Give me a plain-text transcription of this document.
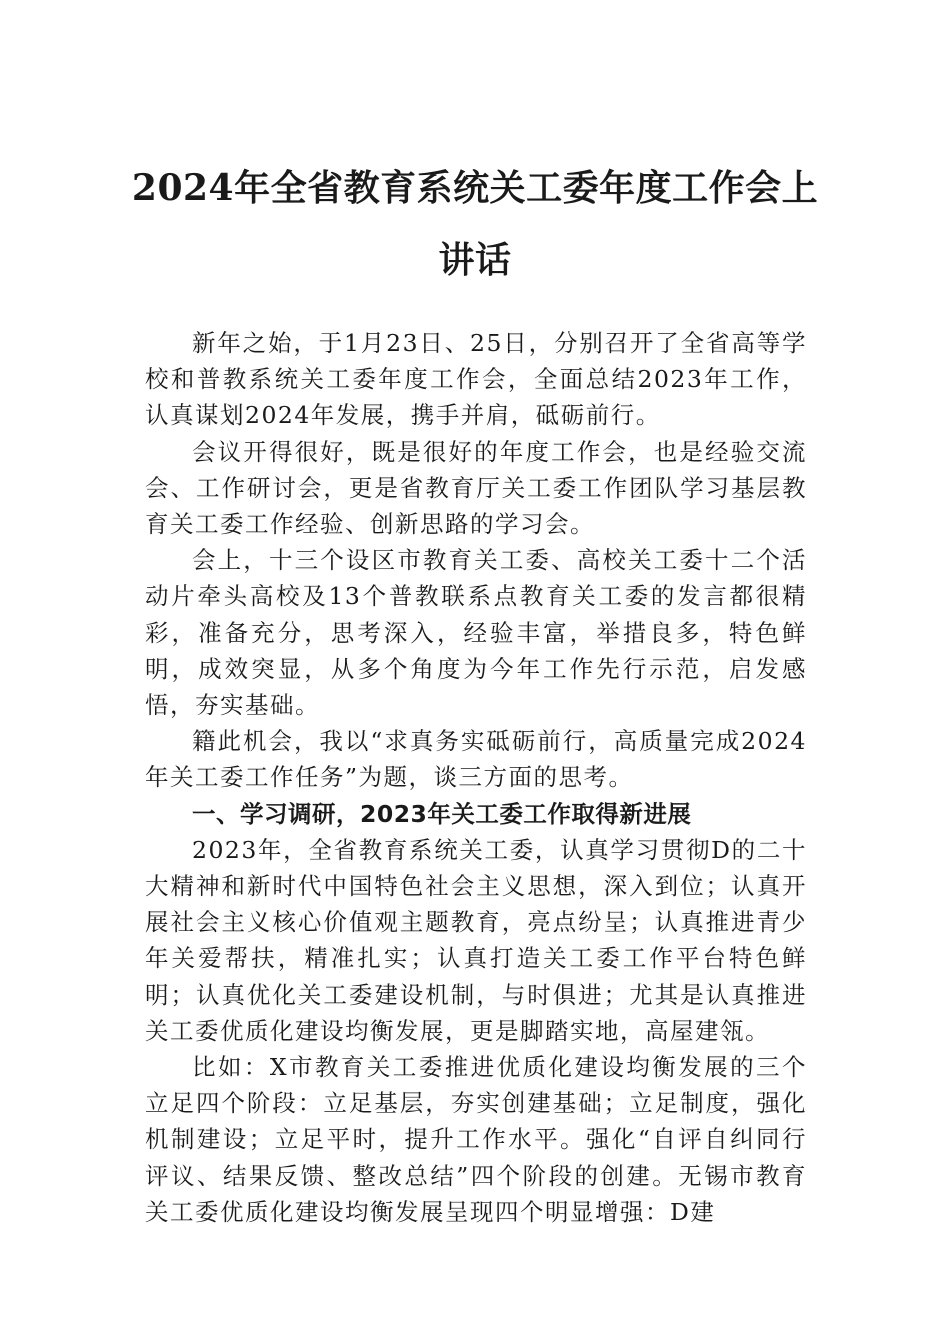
2024年全省教育系统关工委年度工作会上讲话

新年之始，于1月23日、25日，分别召开了全省高等学校和普教系统关工委年度工作会，全面总结2023年工作，认真谋划2024年发展，携手并肩，砥砺前行。

会议开得很好，既是很好的年度工作会，也是经验交流会、工作研讨会，更是省教育厅关工委工作团队学习基层教育关工委工作经验、创新思路的学习会。

会上，十三个设区市教育关工委、高校关工委十二个活动片牵头高校及13个普教联系点教育关工委的发言都很精彩，准备充分，思考深入，经验丰富，举措良多，特色鲜明，成效突显，从多个角度为今年工作先行示范，启发感悟，夯实基础。

籍此机会，我以“求真务实砥砺前行，高质量完成2024年关工委工作任务”为题，谈三方面的思考。

一、学习调研，2023年关工委工作取得新进展

2023年，全省教育系统关工委，认真学习贯彻D的二十大精神和新时代中国特色社会主义思想，深入到位；认真开展社会主义核心价值观主题教育，亮点纷呈；认真推进青少年关爱帮扶，精准扎实；认真打造关工委工作平台特色鲜明；认真优化关工委建设机制，与时俱进；尤其是认真推进关工委优质化建设均衡发展，更是脚踏实地，高屋建瓴。

比如：X市教育关工委推进优质化建设均衡发展的三个立足四个阶段：立足基层，夯实创建基础；立足制度，强化机制建设；立足平时，提升工作水平。强化“自评自纠同行评议、结果反馈、整改总结”四个阶段的创建。无锡市教育关工委优质化建设均衡发展呈现四个明显增强：D建
